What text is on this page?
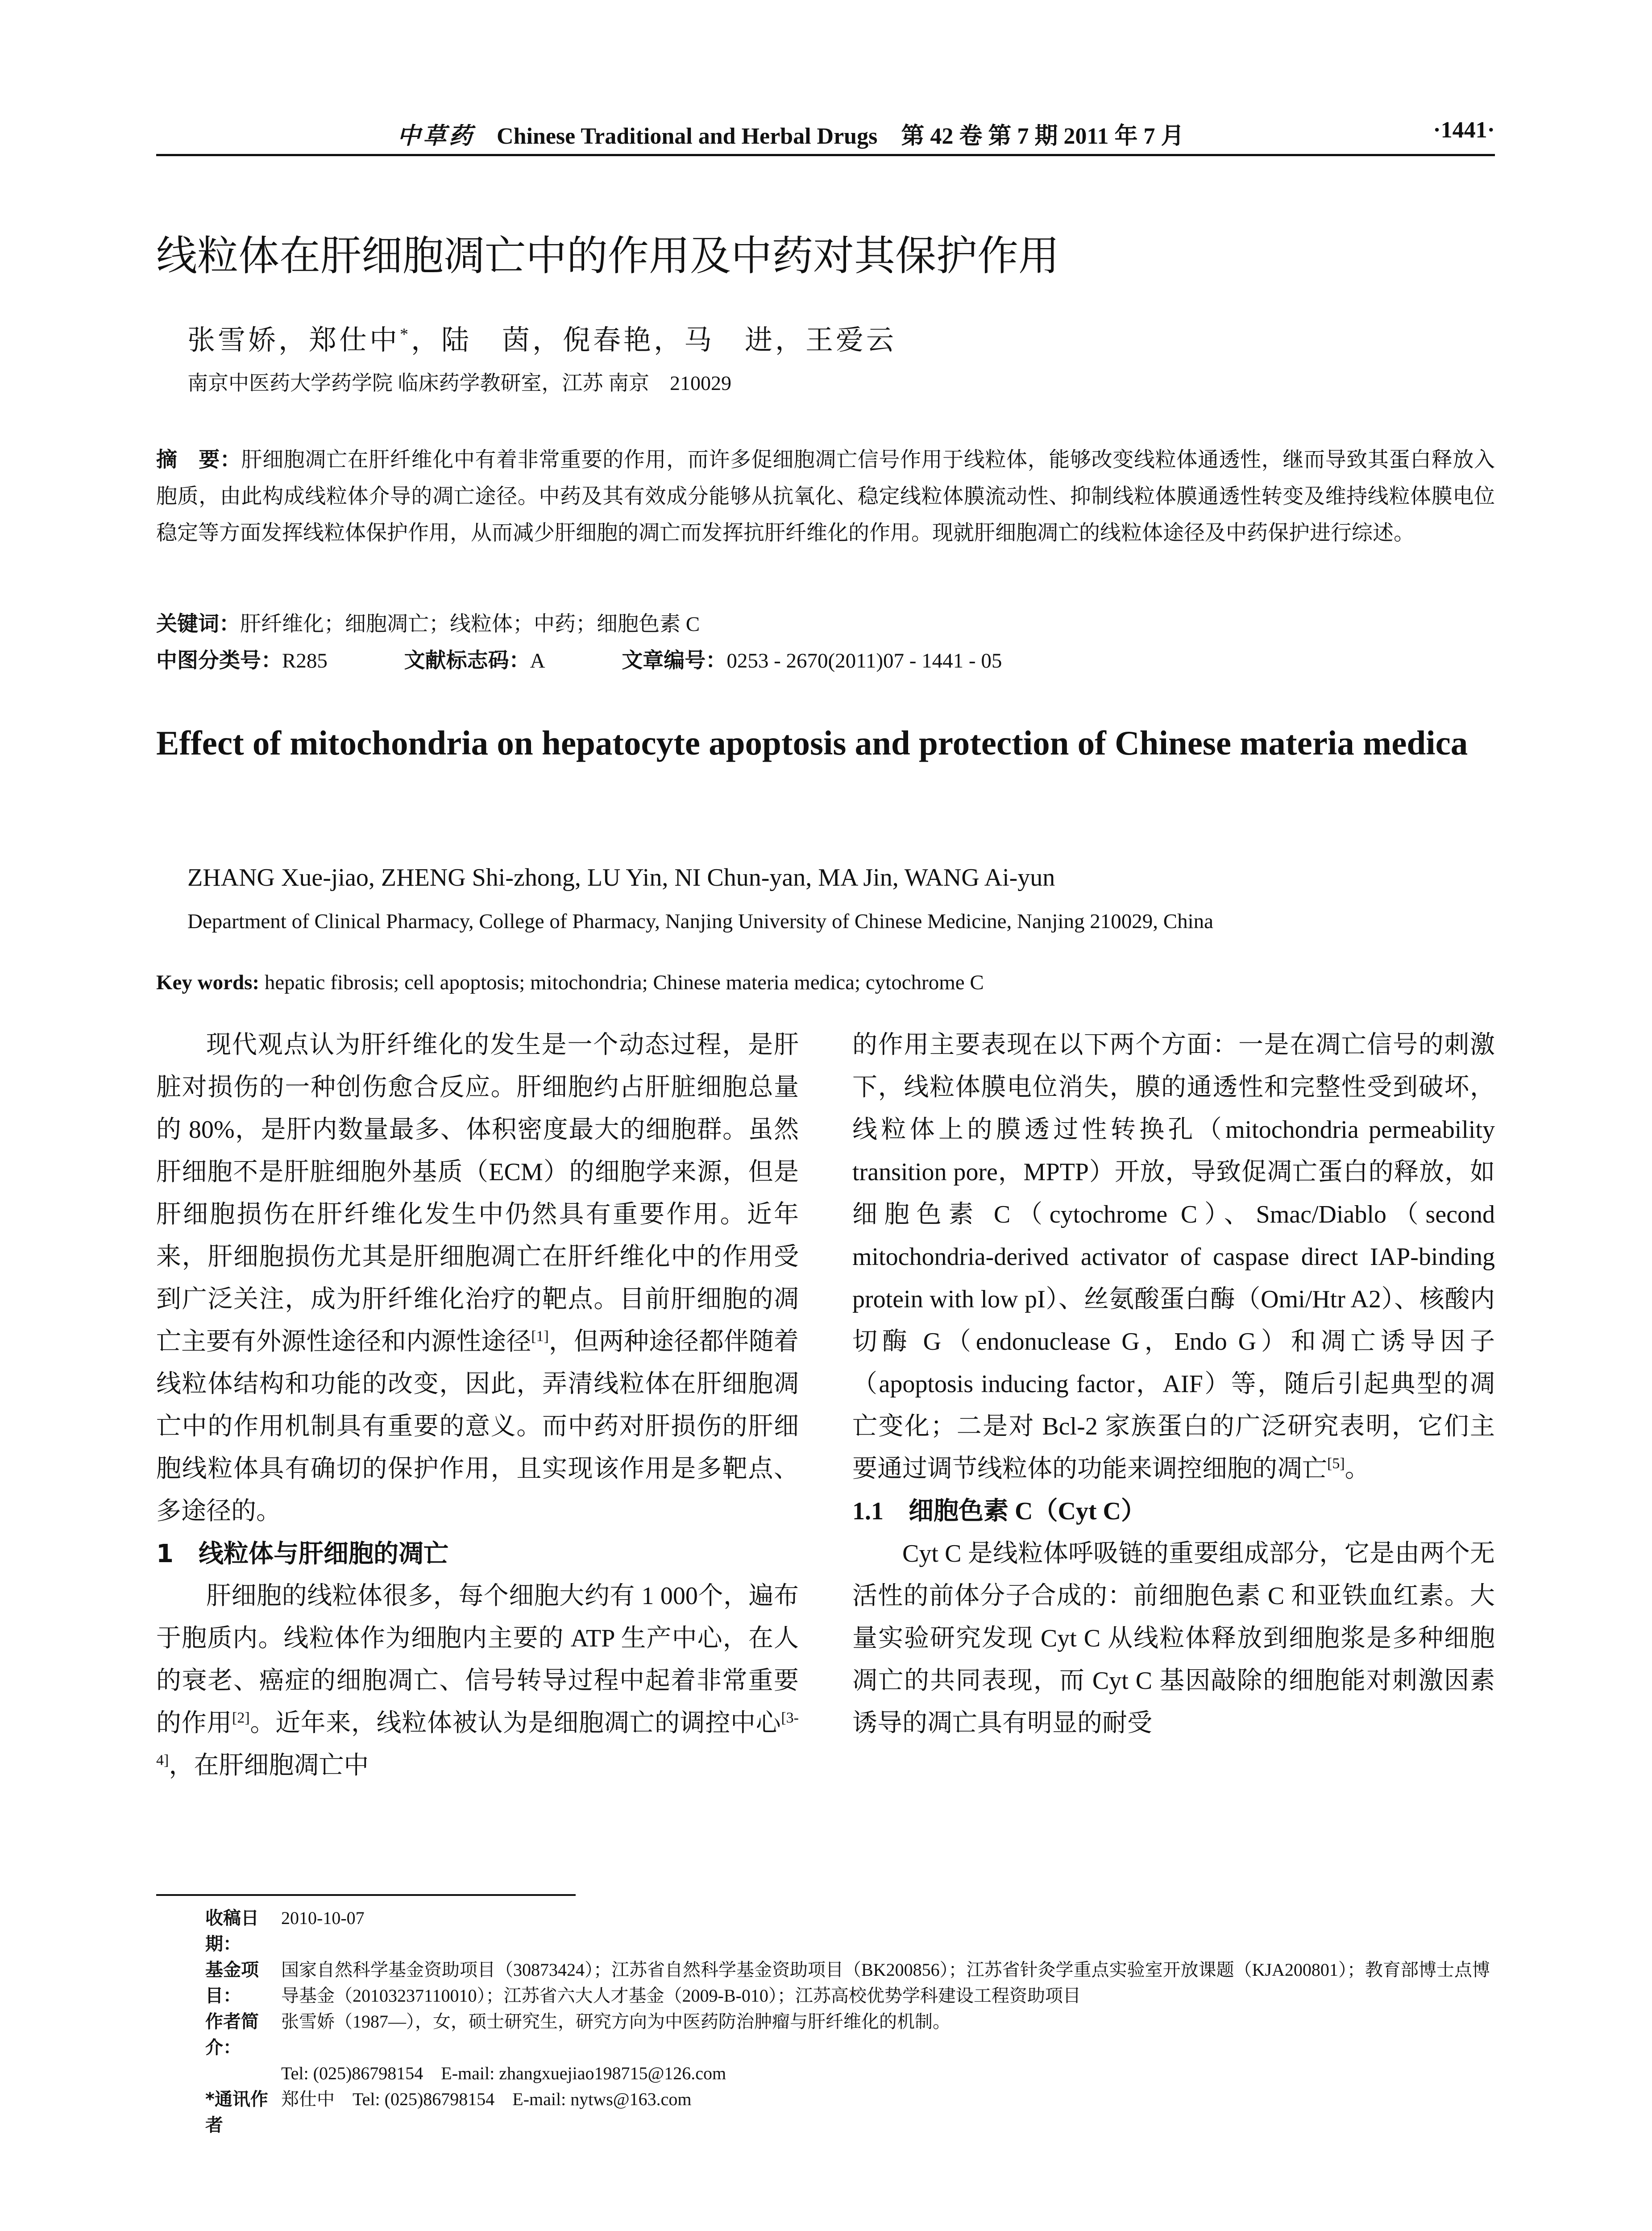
中草药 Chinese Traditional and Herbal Drugs 第 42 卷 第 7 期 2011 年 7 月	·1441·
线粒体在肝细胞凋亡中的作用及中药对其保护作用
张雪娇，郑仕中*，陆　茵，倪春艳，马　进，王爱云
南京中医药大学药学院 临床药学教研室，江苏 南京　210029
摘　要：肝细胞凋亡在肝纤维化中有着非常重要的作用，而许多促细胞凋亡信号作用于线粒体，能够改变线粒体通透性，继而导致其蛋白释放入胞质，由此构成线粒体介导的凋亡途径。中药及其有效成分能够从抗氧化、稳定线粒体膜流动性、抑制线粒体膜通透性转变及维持线粒体膜电位稳定等方面发挥线粒体保护作用，从而减少肝细胞的凋亡而发挥抗肝纤维化的作用。现就肝细胞凋亡的线粒体途径及中药保护进行综述。
关键词：肝纤维化；细胞凋亡；线粒体；中药；细胞色素 C
中图分类号：R285	文献标志码：A	文章编号：0253 - 2670(2011)07 - 1441 - 05
Effect of mitochondria on hepatocyte apoptosis and protection of Chinese materia medica
ZHANG Xue-jiao, ZHENG Shi-zhong, LU Yin, NI Chun-yan, MA Jin, WANG Ai-yun
Department of Clinical Pharmacy, College of Pharmacy, Nanjing University of Chinese Medicine, Nanjing 210029, China
Key words: hepatic fibrosis; cell apoptosis; mitochondria; Chinese materia medica; cytochrome C

现代观点认为肝纤维化的发生是一个动态过程，是肝脏对损伤的一种创伤愈合反应。肝细胞约占肝脏细胞总量的 80%，是肝内数量最多、体积密度最大的细胞群。虽然肝细胞不是肝脏细胞外基质（ECM）的细胞学来源，但是肝细胞损伤在肝纤维化发生中仍然具有重要作用。近年来，肝细胞损伤尤其是肝细胞凋亡在肝纤维化中的作用受到广泛关注，成为肝纤维化治疗的靶点。目前肝细胞的凋亡主要有外源性途径和内源性途径[1]，但两种途径都伴随着线粒体结构和功能的改变，因此，弄清线粒体在肝细胞凋亡中的作用机制具有重要的意义。而中药对肝损伤的肝细胞线粒体具有确切的保护作用，且实现该作用是多靶点、多途径的。

1　线粒体与肝细胞的凋亡

肝细胞的线粒体很多，每个细胞大约有 1 000个，遍布于胞质内。线粒体作为细胞内主要的 ATP 生产中心，在人的衰老、癌症的细胞凋亡、信号转导过程中起着非常重要的作用[2]。近年来，线粒体被认为是细胞凋亡的调控中心[3-4]，在肝细胞凋亡中

的作用主要表现在以下两个方面：一是在凋亡信号的刺激下，线粒体膜电位消失，膜的通透性和完整性受到破坏，线粒体上的膜透过性转换孔（mitochondria permeability transition pore，MPTP）开放，导致促凋亡蛋白的释放，如细胞色素 C（cytochrome C）、Smac/Diablo（second mitochondria-derived activator of caspase direct IAP-binding protein with low pI）、丝氨酸蛋白酶（Omi/Htr A2）、核酸内切酶 G（endonuclease G，Endo G）和凋亡诱导因子（apoptosis inducing factor，AIF）等，随后引起典型的凋亡变化；二是对 Bcl-2 家族蛋白的广泛研究表明，它们主要通过调节线粒体的功能来调控细胞的凋亡[5]。

1.1　细胞色素 C（Cyt C）

Cyt C 是线粒体呼吸链的重要组成部分，它是由两个无活性的前体分子合成的：前细胞色素 C 和亚铁血红素。大量实验研究发现 Cyt C 从线粒体释放到细胞浆是多种细胞凋亡的共同表现，而 Cyt C 基因敲除的细胞能对刺激因素诱导的凋亡具有明显的耐受

收稿日期：
2010-10-07
基金项目：
国家自然科学基金资助项目（30873424）；江苏省自然科学基金资助项目（BK200856）；江苏省针灸学重点实验室开放课题（KJA200801）；教育部博士点博导基金（20103237110010）；江苏省六大人才基金（2009-B-010）；江苏高校优势学科建设工程资助项目
作者简介：
张雪娇（1987—），女，硕士研究生，研究方向为中医药防治肿瘤与肝纤维化的机制。
Tel: (025)86798154　E-mail: zhangxuejiao198715@126.com
*通讯作者
郑仕中　Tel: (025)86798154　E-mail: nytws@163.com
